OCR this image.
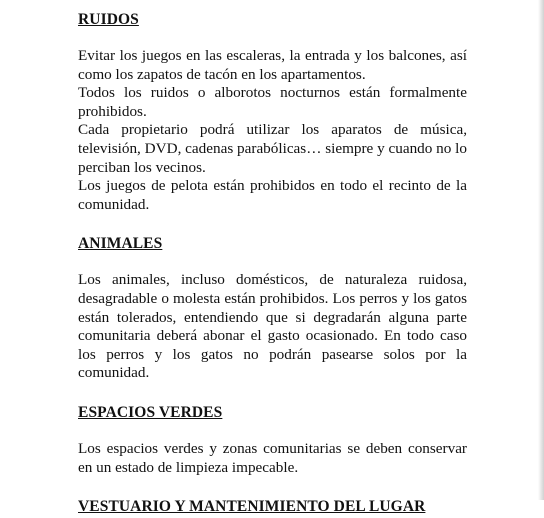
RUIDOS

Evitar los juegos en las escaleras, la entrada y los balcones, así como los zapatos de tacón en los apartamentos.

Todos los ruidos o alborotos nocturnos están formalmente prohibidos.

Cada propietario podrá utilizar los aparatos de música, televisión, DVD, cadenas parabólicas… siempre y cuando no lo perciban los vecinos.

Los juegos de pelota están prohibidos en todo el recinto de la comunidad.

ANIMALES

Los animales, incluso domésticos, de naturaleza ruidosa, desagradable o molesta están prohibidos. Los perros y los gatos están tolerados, entendiendo que si degradarán alguna parte comunitaria deberá abonar el gasto ocasionado. En todo caso los perros y los gatos no podrán pasearse solos por la comunidad.

ESPACIOS VERDES

Los espacios verdes y zonas comunitarias se deben conservar en un estado de limpieza impecable.

VESTUARIO Y MANTENIMIENTO DEL LUGAR
